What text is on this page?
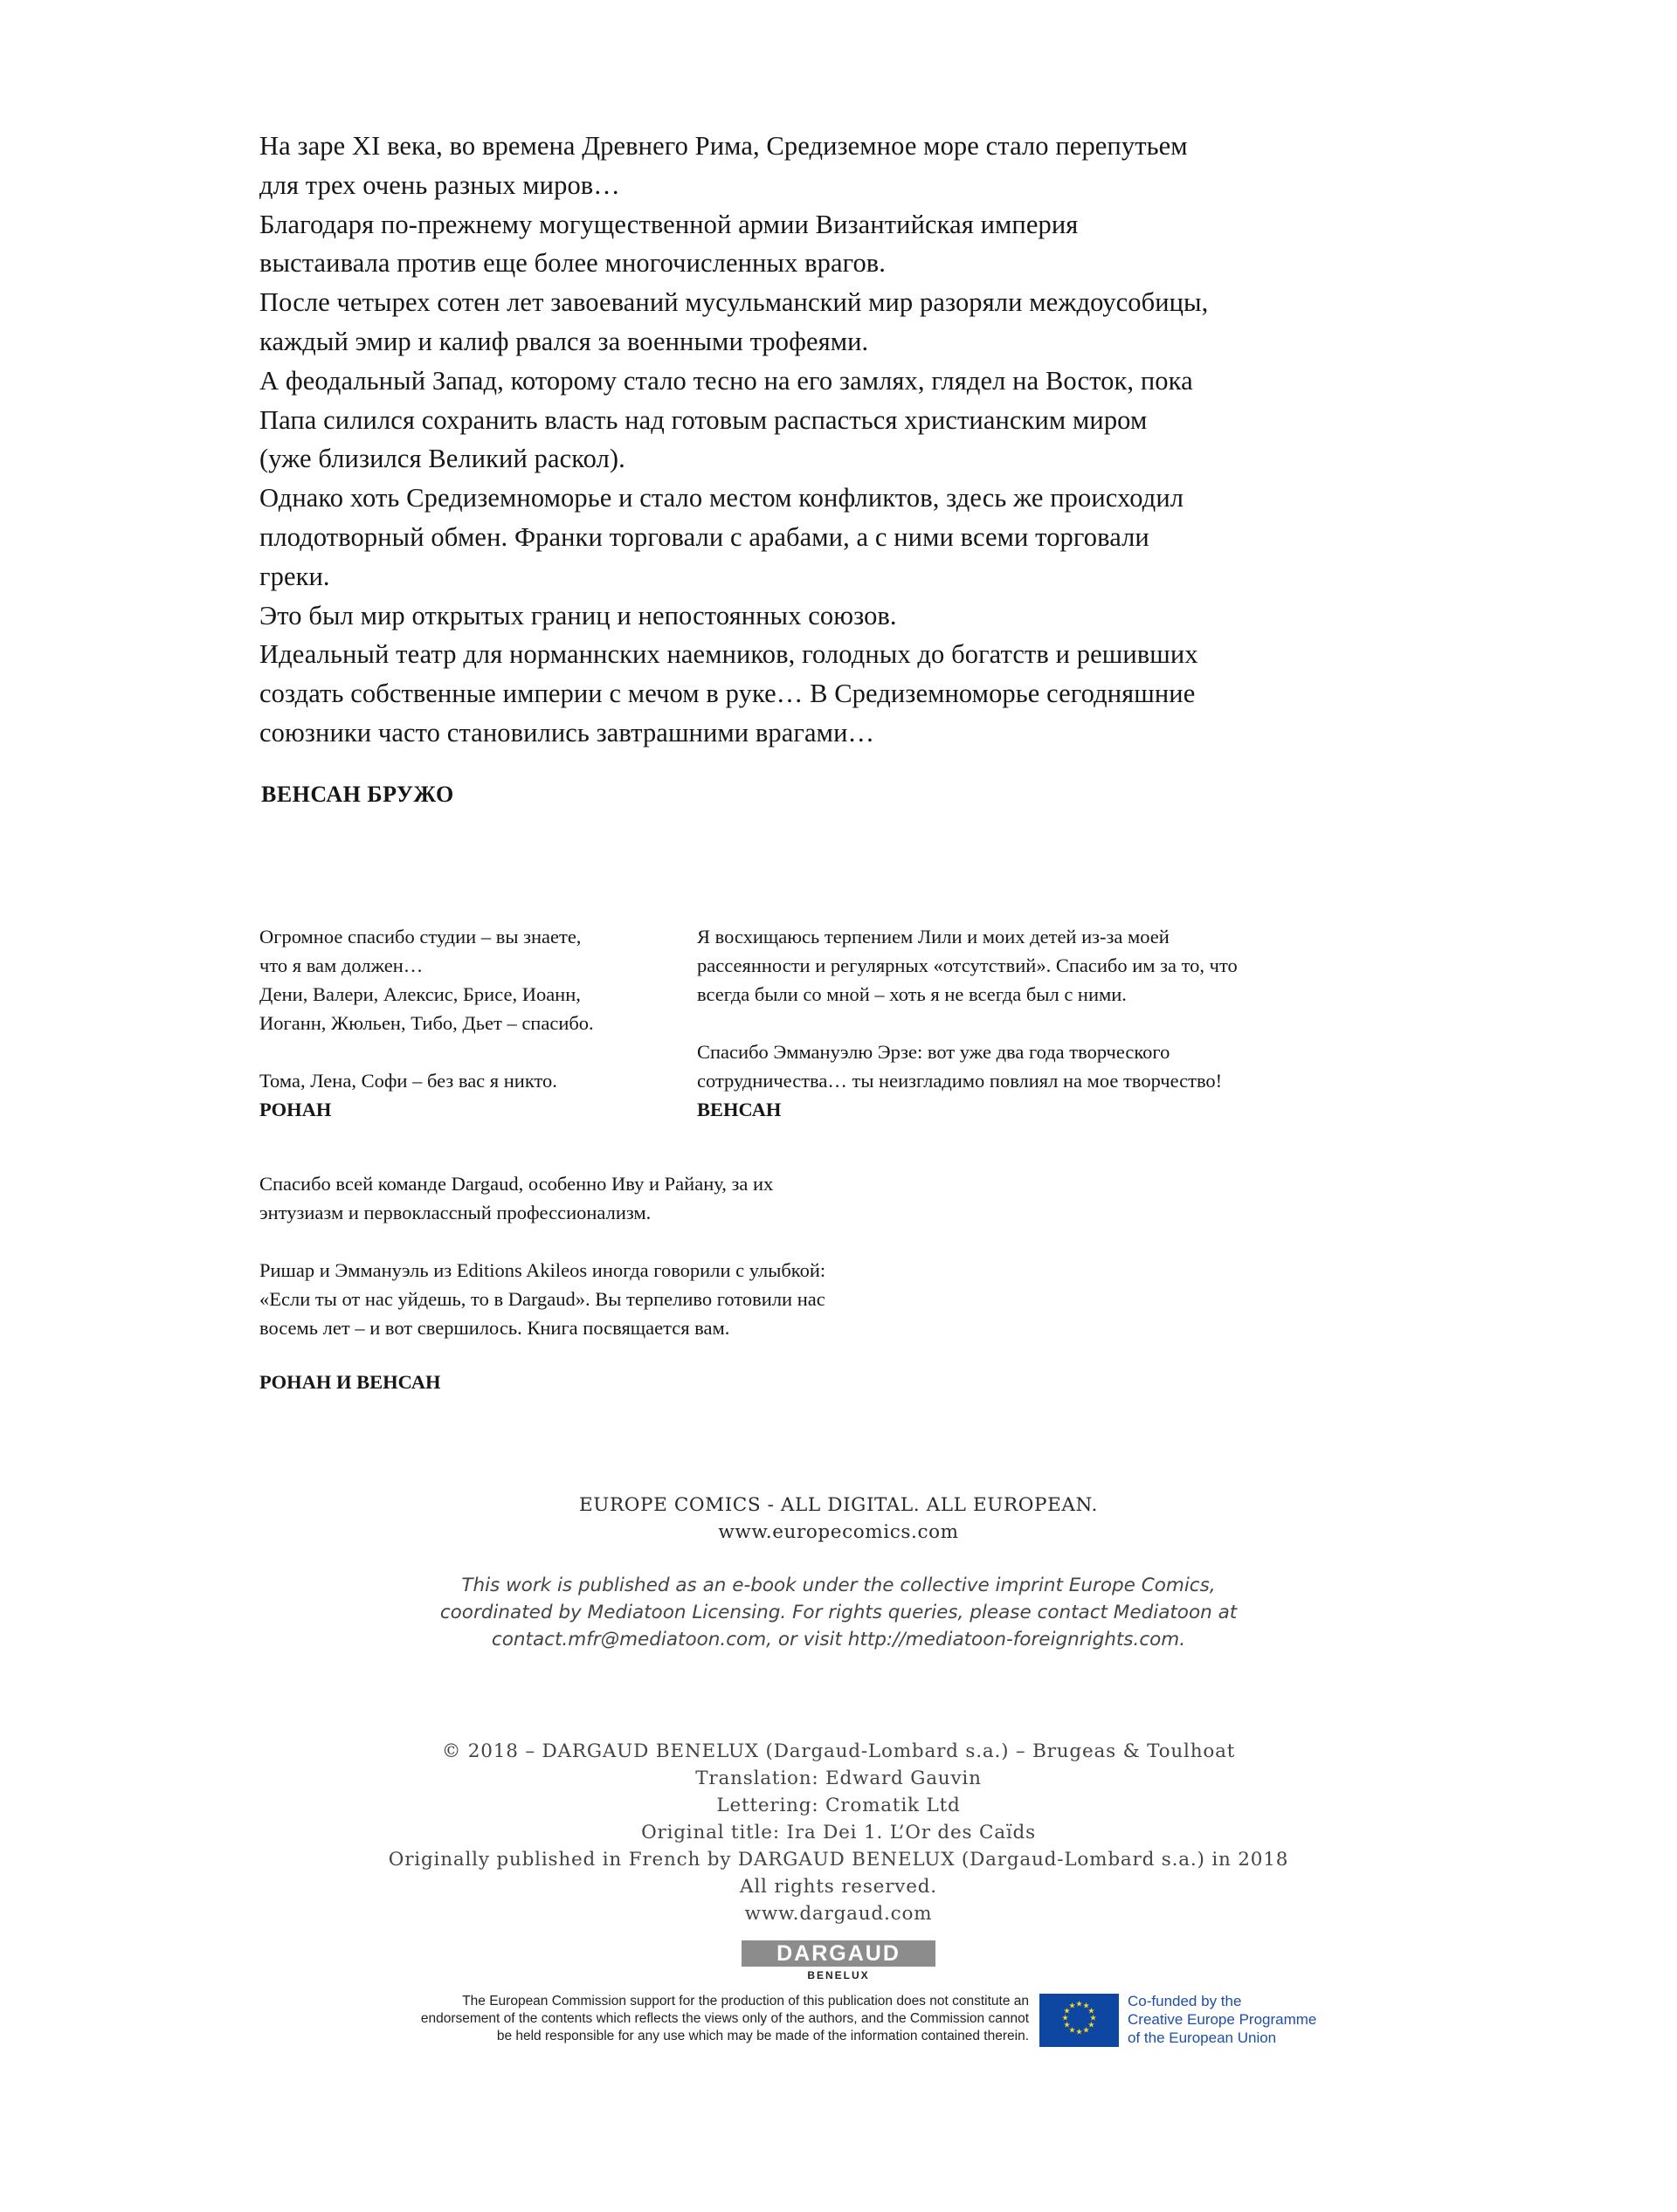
На заре XI века, во времена Древнего Рима, Средиземное море стало перепутьем

для трех очень разных миров…

Благодаря по-прежнему могущественной армии Византийская империя

выстаивала против еще более многочисленных врагов.

После четырех сотен лет завоеваний мусульманский мир разоряли междоусобицы,

каждый эмир и калиф рвался за военными трофеями.

А феодальный Запад, которому стало тесно на его замлях, глядел на Восток, пока

Папа силился сохранить власть над готовым распасться христианским миром

(уже близился Великий раскол).

Однако хоть Средиземноморье и стало местом конфликтов, здесь же происходил

плодотворный обмен. Франки торговали с арабами, а с ними всеми торговали

греки.

Это был мир открытых границ и непостоянных союзов.

Идеальный театр для норманнских наемников, голодных до богатств и решивших

создать собственные империи с мечом в руке… В Средиземноморье сегодняшние

союзники часто становились завтрашними врагами…

ВЕНСАН БРУЖО

Огромное спасибо студии – вы знаете,

что я вам должен…

Дени, Валери, Алексис, Брисе, Иоанн,

Иоганн, Жюльен, Тибо, Дьет – спасибо.

Тома, Лена, Софи – без вас я никто.

РОНАН

Я восхищаюсь терпением Лили и моих детей из-за моей

рассеянности и регулярных «отсутствий». Спасибо им за то, что

всегда были со мной – хоть я не всегда был с ними.

Спасибо Эммануэлю Эрзе: вот уже два года творческого

сотрудничества… ты неизгладимо повлиял на мое творчество!

ВЕНСАН

Спасибо всей команде Dargaud, особенно Иву и Райану, за их

энтузиазм и первоклассный профессионализм.

Ришар и Эммануэль из Editions Akileos иногда говорили с улыбкой:

«Если ты от нас уйдешь, то в Dargaud». Вы терпеливо готовили нас

восемь лет – и вот свершилось. Книга посвящается вам.

РОНАН И ВЕНСАН

EUROPE COMICS - ALL DIGITAL. ALL EUROPEAN.

www.europecomics.com

This work is published as an e-book under the collective imprint Europe Comics,

coordinated by Mediatoon Licensing. For rights queries, please contact Mediatoon at

contact.mfr@mediatoon.com, or visit http://mediatoon-foreignrights.com.

© 2018 – DARGAUD BENELUX (Dargaud-Lombard s.a.) – Brugeas & Toulhoat

Translation: Edward Gauvin

Lettering: Cromatik Ltd

Original title: Ira Dei 1. L’Or des Caïds

Originally published in French by DARGAUD BENELUX (Dargaud-Lombard s.a.) in 2018

All rights reserved.

www.dargaud.com

DARGAUD
BENELUX

The European Commission support for the production of this publication does not constitute an

endorsement of the contents which reflects the views only of the authors, and the Commission cannot

be held responsible for any use which may be made of the information contained therein.

★ ★
★
★
★
★
★
★
★
★
★
★	Co-funded by the

Creative Europe Programme

of the European Union
